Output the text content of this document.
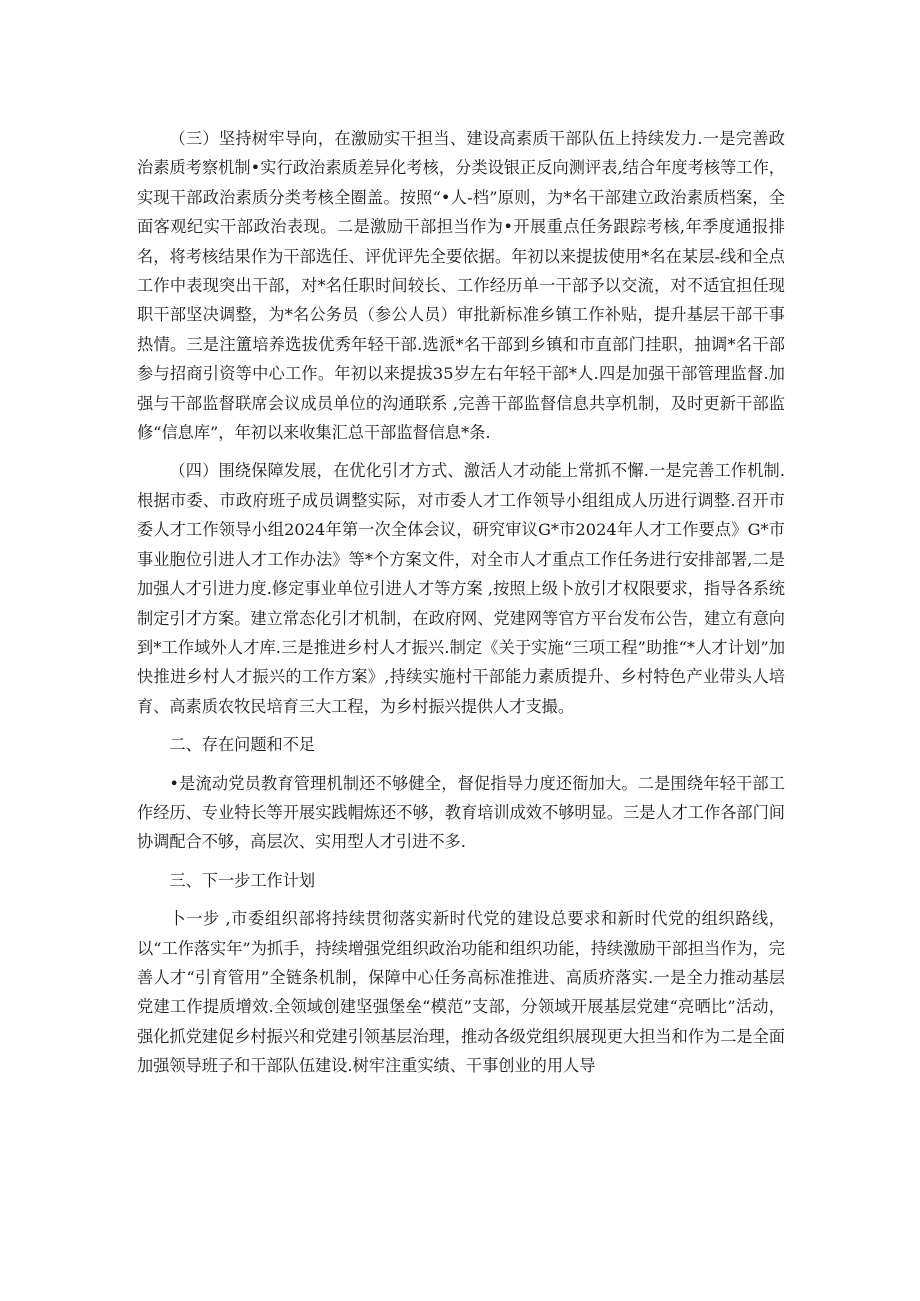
（三）坚持树牢导向，在激励实干担当、建设高素质干部队伍上持续发力.一是完善政治素质考察机制•实行政治素质差异化考核，分类设银正反向测评表,结合年度考核等工作，实现干部政治素质分类考核全圈盖。按照“•人-档”原则，为*名干部建立政治素质档案，全面客观纪实干部政治表现。二是激励干部担当作为•开展重点任务跟踪考核,年季度通报排名，将考核结果作为干部选任、评优评先全要依据。年初以来提拔使用*名在某层-线和全点工作中表现突出干部，对*名任职时间较长、工作经历单一干部予以交流，对不适宜担任现职干部坚决调整，为*名公务员（参公人员）审批新标准乡镇工作补贴，提升基层干部干事热情。三是注簠培养选拔优秀年轻干部.选派*名干部到乡镇和市直部门挂职，抽调*名干部参与招商引资等中心工作。年初以来提拔35岁左右年轻干部*人.四是加强干部管理监督.加强与干部监督联席会议成员单位的沟通联系 ,完善干部监督信息共享机制，及时更新干部监修“信息库”，年初以来收集汇总干部监督信息*条.

（四）围绕保障发展，在优化引才方式、激活人才动能上常抓不懈.一是完善工作机制.根据市委、市政府班子成员调整实际，对市委人才工作领导小组组成人历进行调整.召开市委人才工作领导小组2024年第一次全体会议，研究审议G*市2024年人才工作要点》G*市事业胞位引进人才工作办法》等*个方案文件，对全市人才重点工作任务进行安排部署,二是加强人才引进力度.修定事业单位引进人才等方案 ,按照上级卜放引才权限要求，指导各系统制定引才方案。建立常态化引才机制，在政府网、党建网等官方平台发布公告，建立有意向到*工作域外人才库.三是推进乡村人才振兴.制定《关于实施“三项工程”助推“*人才计划”加快推进乡村人才振兴的工作方案》,持续实施村干部能力素质提升、乡村特色产业带头人培育、高素质农牧民培育三大工程，为乡村振兴提供人才支撮。

二、存在问题和不足

•是流动党员教育管理机制还不够健全，督促指导力度还衙加大。二是围绕年轻干部工作经历、专业特长等开展实践帽炼还不够，教育培训成效不够明显。三是人才工作各部门间协调配合不够，高层次、实用型人才引进不多.

三、下一步工作计划

卜一步 ,市委组织部将持续贯彻落实新时代党的建设总要求和新时代党的组织路线，以“工作落实年”为抓手，持续增强党组织政治功能和组织功能，持续激励干部担当作为，完善人才“引育管用”全链条机制，保障中心任务高标准推进、高质疥落实.一是全力推动基层党建工作提质增效.全领域创建坚强堡垒“模范”支部，分领域开展基层党建“亮晒比”活动，强化抓党建促乡村振兴和党建引领基层治理，推动各级党组织展现更大担当和作为二是全面加强领导班子和干部队伍建设.树牢注重实绩、干事创业的用人导
